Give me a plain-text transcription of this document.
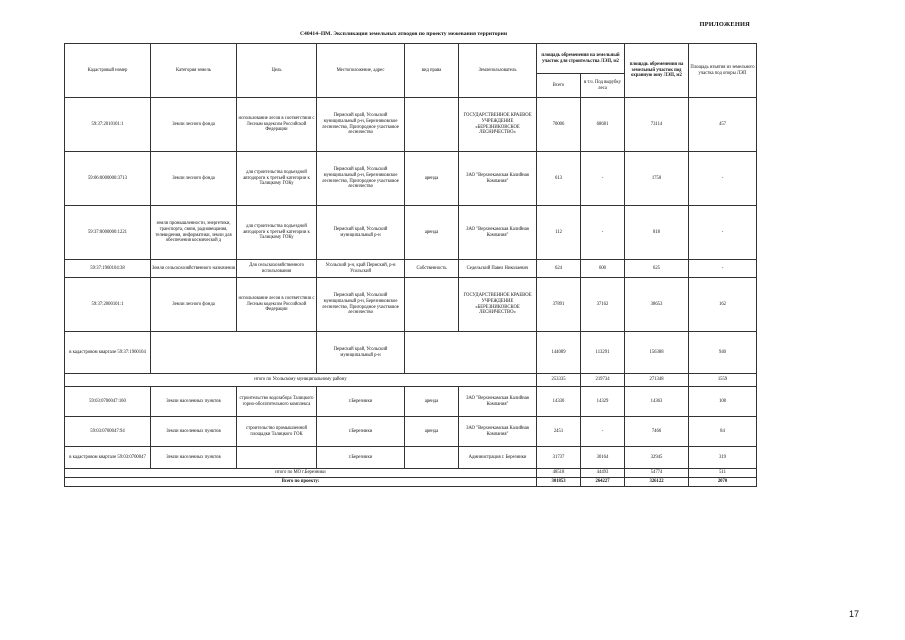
ПРИЛОЖЕНИЯ
С40414–ПМ. Экспликация земельных атводов по проекту межевания территории
Кадастровый номер	Категория земель	Цель	Местоположение, адрес	вид права	Землепользователь	площадь обременения на земельный участок для строительства ЛЭП, м2		площадь обременения на земельный участок под охранную зону ЛЭП, м2	Площадь изъятия из земельного участка под опоры ЛЭП
						Всего	в т.ч. Под вырубку леса		
59:37:2010101:1	Земли лесного фонда	использование лесов в соответствии с Лесным кодексом Российской Федерации	Пермский край, Усольский муниципальный р-н, Березниковское лесничество, Пригородное участковое лесничество		ГОСУДАРСТВЕННОЕ КРАЕВОЕ УЧРЕЖДЕНИЕ «БЕРЕЗНИКОВСКОЕ ЛЕСНИЧЕСТВО»	70006	68681	73114	457
59:06:0000000:3713	Земли лесного фонда	для строительства подъездной автодороги к третьей категории к Талицкому ГОКу	Пермский край, Усольский муниципальный р-н, Березниковское лесничество, Пригородное участковое лесничество	аренда	ЗАО "Верхнекамская Калийная Компания"	613	-	1750	-
59:37:0000000:1221	земли промышленности, энергетики, транспорта, связи, радиовещания, телевидения, информатики, земли для обеспечения космической д	для строительства подъездной автодороги к третьей категории к Талицкому ГОКу	Пермский край, Усольский муниципальный р-н	аренда	ЗАО "Верхнекамская Калийная Компания"	112	-	818	-
59:37:1960104:38	Земли сельскохозяйственного назначения	Для сельскохозяйственного использования	Усольский р-н, край Пермский, р-н Усольский	Собственность	Седельский Павел Николаевич	624	600	625	-
59:37:2000101:1	Земли лесного фонда	использование лесов в соответствии с Лесным кодексом Российской Федерации	Пермский край, Усольский муниципальный р-н, Березниковское лесничество, Пригородное участковое лесничество		ГОСУДАРСТВЕННОЕ КРАЕВОЕ УЧРЕЖДЕНИЕ «БЕРЕЗНИКОВСКОЕ ЛЕСНИЧЕСТВО»	37891	37162	38653	162
в кадастровом квартале 59:37:1960104			Пермский край, Усольский муниципальный р-н			144089	113291	156388	940
итого по Усольскому муниципальному району						253335	219734	271348	1559
59:03:0700047:160	Земли населенных пунктов	строительство водозабора Талицкого горно-обогатительного комплекса	г.Березники	аренда	ЗАО "Верхнекамская Калийная Компания"	14330	14329	14363	108
59:03:0700047:94	Земли населенных пунктов	строительство промышленной площадки Талицкого ГОК	г.Березники	аренда	ЗАО "Верхнекамская Калийная Компания"	2451	-	7466	84
в кадастровом квартале 59:03:0700047	Земли населенных пунктов		г.Березники		Администрация г. Березники	31737	30164	32945	319
итого по МО г.Березники						48518	44493	54774	511
Всего по проекту:						301853	264227	326122	2070
17
